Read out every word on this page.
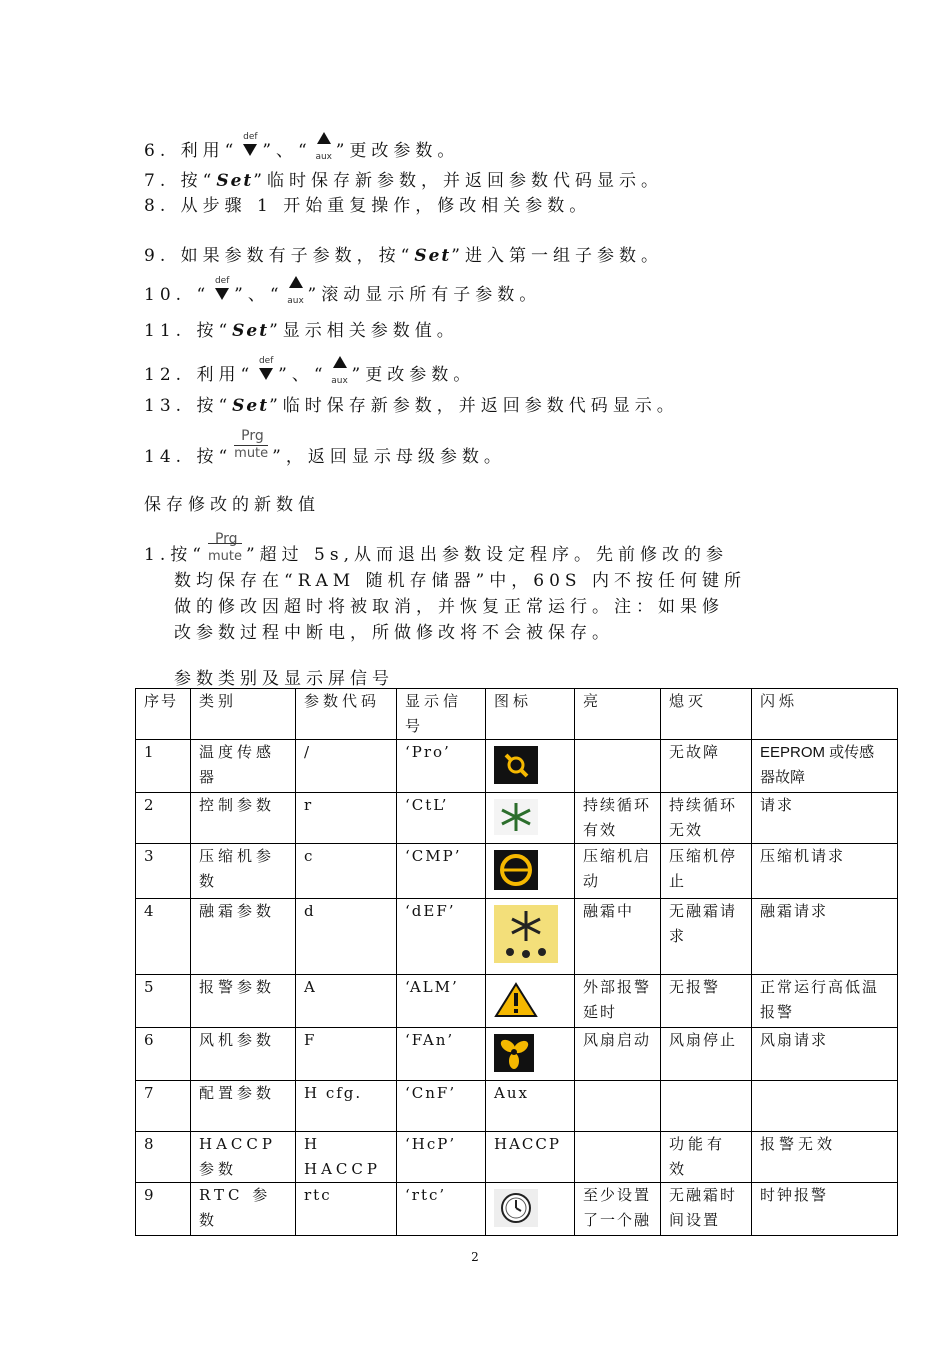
6. 利用“
def
”、“ aux ”更改参数。
7. 按“Set”临时保存新参数，并返回参数代码显示。
8. 从步骤 1 开始重复操作，修改相关参数。
9. 如果参数有子参数，按“Set”进入第一组子参数。
10. “
def
”、“ aux ”滚动显示所有子参数。
11. 按“Set”显示相关参数值。
12. 利用“
def
”、“ aux ”更改参数。
13. 按“Set”临时保存新参数，并返回参数代码显示。
14. 按“
Prg
mute ”，返回显示母级参数。
保存修改的新数值
1.按“
Prg
mute ”超过 5s,从而退出参数设定程序。先前修改的参
数均保存在“RAM 随机存储器”中，60S 内不按任何键所
做的修改因超时将被取消，并恢复正常运行。注：如果修
改参数过程中断电，所做修改将不会被保存。
参数类别及显示屏信号
序号	类别	参数代码	显示信号	图标	亮	熄灭	闪烁
1	温度传感器	/	‘Pro’			无故障	EEPROM 或传感器故障
2	控制参数	r	‘CtL’		持续循环有效	持续循环无效	请求
3	压缩机参数	c	‘CMP’		压缩机启动	压缩机停止	压缩机请求
4	融霜参数	d	‘dEF’		融霜中	无融霜请求	融霜请求
5	报警参数	A	‘ALM’		外部报警延时	无报警	正常运行高低温报警
6	风机参数	F	‘FAn’		风扇启动	风扇停止	风扇请求
7	配置参数	H cfg.	‘CnF’	Aux			
8	HACCP 参数	H HACCP	‘HcP’	HACCP		功能有效	报警无效
9	RTC 参数	rtc	‘rtc’		至少设置了一个融	无融霜时间设置	时钟报警
2
